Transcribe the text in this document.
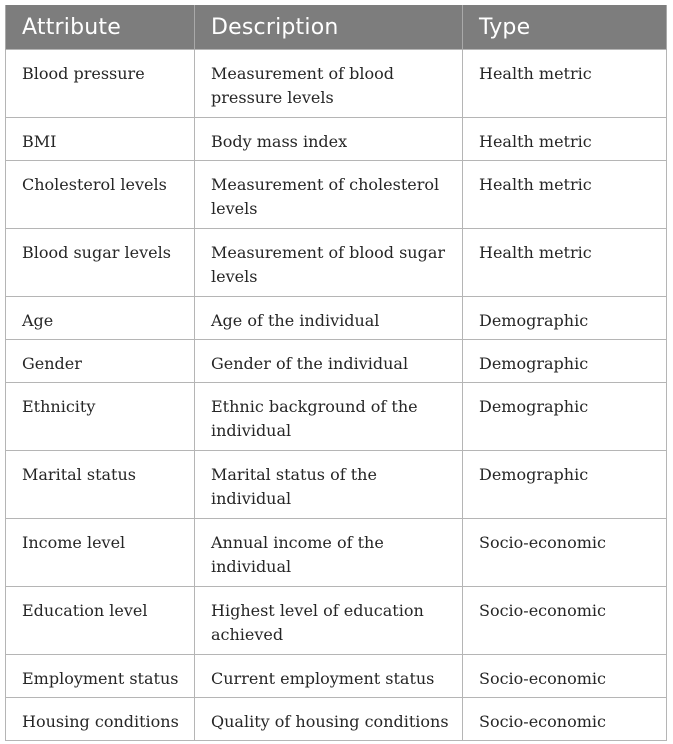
Attribute	Description	Type
Blood pressure	Measurement of blood pressure levels	Health metric
BMI	Body mass index	Health metric
Cholesterol levels	Measurement of cholesterol levels	Health metric
Blood sugar levels	Measurement of blood sugar levels	Health metric
Age	Age of the individual	Demographic
Gender	Gender of the individual	Demographic
Ethnicity	Ethnic background of the individual	Demographic
Marital status	Marital status of the individual	Demographic
Income level	Annual income of the individual	Socio-economic
Education level	Highest level of education achieved	Socio-economic
Employment status	Current employment status	Socio-economic
Housing conditions	Quality of housing conditions	Socio-economic
